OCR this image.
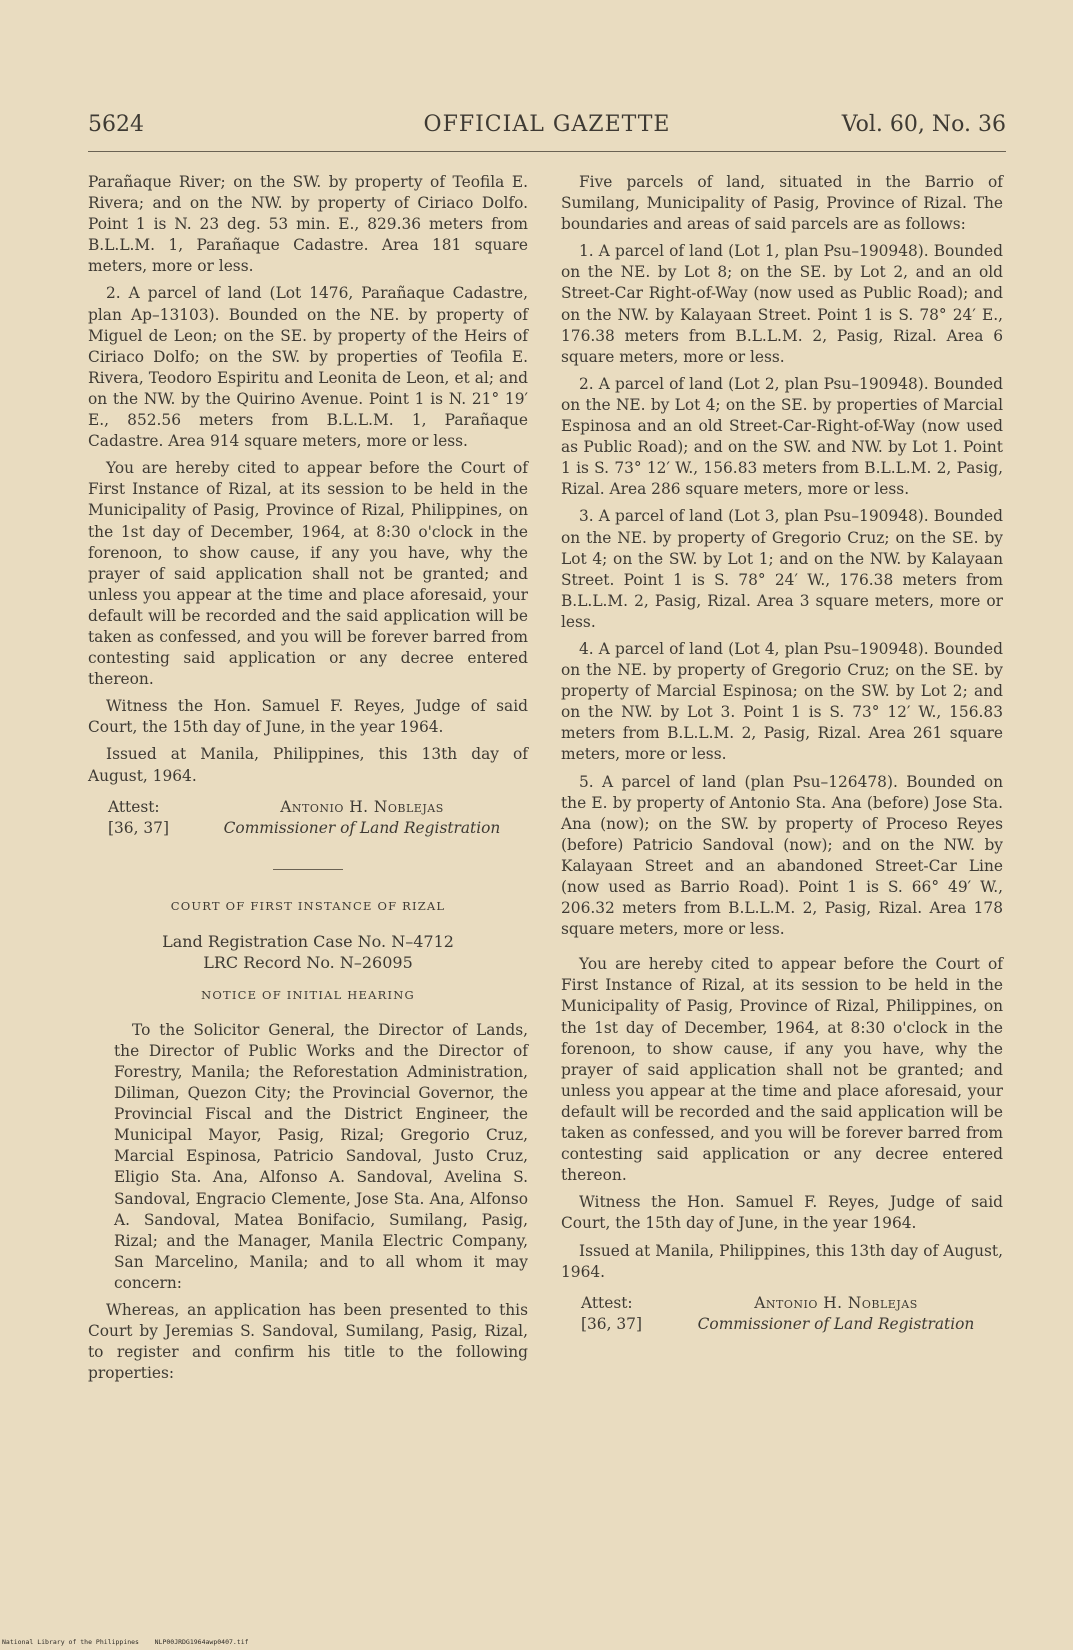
5624	OFFICIAL GAZETTE	Vol. 60, No. 36

Parañaque River; on the SW. by property of Teofila E. Rivera; and on the NW. by property of Ciriaco Dolfo. Point 1 is N. 23 deg. 53 min. E., 829.36 meters from B.L.L.M. 1, Parañaque Cadastre. Area 181 square meters, more or less.

2. A parcel of land (Lot 1476, Parañaque Cadastre, plan Ap–13103). Bounded on the NE. by property of Miguel de Leon; on the SE. by property of the Heirs of Ciriaco Dolfo; on the SW. by properties of Teofila E. Rivera, Teodoro Espiritu and Leonita de Leon, et al; and on the NW. by the Quirino Avenue. Point 1 is N. 21° 19′ E., 852.56 meters from B.L.L.M. 1, Parañaque Cadastre. Area 914 square meters, more or less.

You are hereby cited to appear before the Court of First Instance of Rizal, at its session to be held in the Municipality of Pasig, Province of Rizal, Philippines, on the 1st day of December, 1964, at 8:30 o'clock in the forenoon, to show cause, if any you have, why the prayer of said application shall not be granted; and unless you appear at the time and place aforesaid, your default will be recorded and the said application will be taken as confessed, and you will be forever barred from contesting said application or any decree entered thereon.

Witness the Hon. Samuel F. Reyes, Judge of said Court, the 15th day of June, in the year 1964.

Issued at Manila, Philippines, this 13th day of August, 1964.

Attest:	Antonio H. Noblejas
[36, 37]	Commissioner of Land Registration
COURT OF FIRST INSTANCE OF RIZAL
Land Registration Case No. N–4712
LRC Record No. N–26095
NOTICE OF INITIAL HEARING

To the Solicitor General, the Director of Lands, the Director of Public Works and the Director of Forestry, Manila; the Reforestation Administration, Diliman, Quezon City; the Provincial Governor, the Provincial Fiscal and the District Engineer, the Municipal Mayor, Pasig, Rizal; Gregorio Cruz, Marcial Espinosa, Patricio Sandoval, Justo Cruz, Eligio Sta. Ana, Alfonso A. Sandoval, Avelina S. Sandoval, Engracio Clemente, Jose Sta. Ana, Alfonso A. Sandoval, Matea Bonifacio, Sumilang, Pasig, Rizal; and the Manager, Manila Electric Company, San Marcelino, Manila; and to all whom it may concern:

Whereas, an application has been presented to this Court by Jeremias S. Sandoval, Sumilang, Pasig, Rizal, to register and confirm his title to the following properties:

Five parcels of land, situated in the Barrio of Sumilang, Municipality of Pasig, Province of Rizal. The boundaries and areas of said parcels are as follows:

1. A parcel of land (Lot 1, plan Psu–190948). Bounded on the NE. by Lot 8; on the SE. by Lot 2, and an old Street-Car Right-of-Way (now used as Public Road); and on the NW. by Kalayaan Street. Point 1 is S. 78° 24′ E., 176.38 meters from B.L.L.M. 2, Pasig, Rizal. Area 6 square meters, more or less.

2. A parcel of land (Lot 2, plan Psu–190948). Bounded on the NE. by Lot 4; on the SE. by properties of Marcial Espinosa and an old Street-Car-Right-of-Way (now used as Public Road); and on the SW. and NW. by Lot 1. Point 1 is S. 73° 12′ W., 156.83 meters from B.L.L.M. 2, Pasig, Rizal. Area 286 square meters, more or less.

3. A parcel of land (Lot 3, plan Psu–190948). Bounded on the NE. by property of Gregorio Cruz; on the SE. by Lot 4; on the SW. by Lot 1; and on the NW. by Kalayaan Street. Point 1 is S. 78° 24′ W., 176.38 meters from B.L.L.M. 2, Pasig, Rizal. Area 3 square meters, more or less.

4. A parcel of land (Lot 4, plan Psu–190948). Bounded on the NE. by property of Gregorio Cruz; on the SE. by property of Marcial Espinosa; on the SW. by Lot 2; and on the NW. by Lot 3. Point 1 is S. 73° 12′ W., 156.83 meters from B.L.L.M. 2, Pasig, Rizal. Area 261 square meters, more or less.

5. A parcel of land (plan Psu–126478). Bounded on the E. by property of Antonio Sta. Ana (before) Jose Sta. Ana (now); on the SW. by property of Proceso Reyes (before) Patricio Sandoval (now); and on the NW. by Kalayaan Street and an abandoned Street-Car Line (now used as Barrio Road). Point 1 is S. 66° 49′ W., 206.32 meters from B.L.L.M. 2, Pasig, Rizal. Area 178 square meters, more or less.

You are hereby cited to appear before the Court of First Instance of Rizal, at its session to be held in the Municipality of Pasig, Province of Rizal, Philippines, on the 1st day of December, 1964, at 8:30 o'clock in the forenoon, to show cause, if any you have, why the prayer of said application shall not be granted; and unless you appear at the time and place aforesaid, your default will be recorded and the said application will be taken as confessed, and you will be forever barred from contesting said application or any decree entered thereon.

Witness the Hon. Samuel F. Reyes, Judge of said Court, the 15th day of June, in the year 1964.

Issued at Manila, Philippines, this 13th day of August, 1964.

Attest:	Antonio H. Noblejas
[36, 37]	Commissioner of Land Registration
National Library of the Philippines NLP00JRDG1964awp0407.tif
